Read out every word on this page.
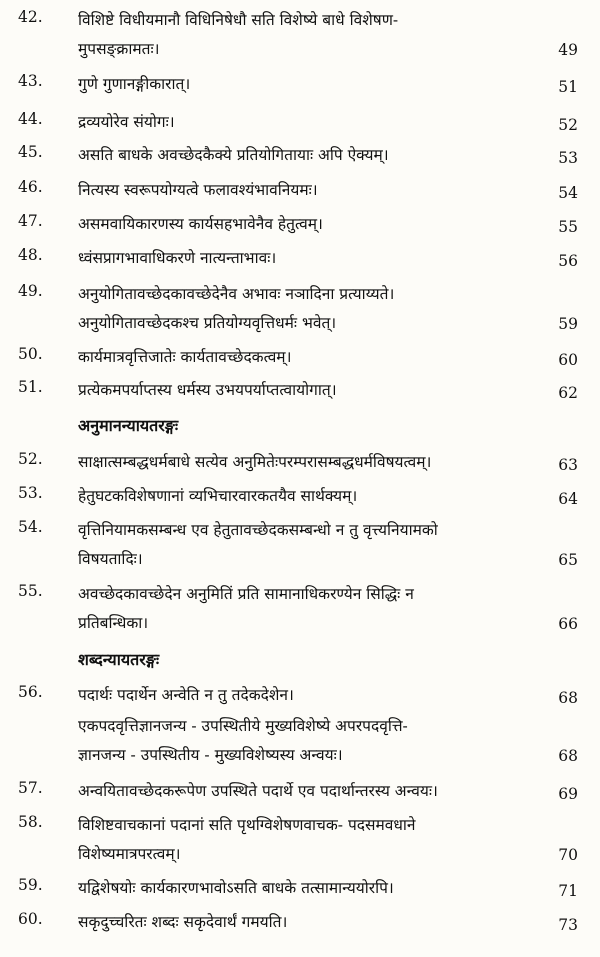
42. विशिष्टे विधीयमानौ विधिनिषेधौ सति विशेष्ये बाधे विशेषण-
मुपसङ्क्रामतः।	49
43. गुणे गुणानङ्गीकारात्।	51
44. द्रव्ययोरेव संयोगः।	52
45. असति बाधके अवच्छेदकैक्ये प्रतियोगितायाः अपि ऐक्यम्।	53
46. नित्यस्य स्वरूपयोग्यत्वे फलावश्यंभावनियमः।	54
47. असमवायिकारणस्य कार्यसहभावेनैव हेतुत्वम्।	55
48. ध्वंसप्रागभावाधिकरणे नात्यन्ताभावः।	56
49. अनुयोगितावच्छेदकावच्छेदेनैव अभावः नञादिना प्रत्याय्यते।
अनुयोगितावच्छेदकश्च प्रतियोग्यवृत्तिधर्मः भवेत्।	59
50. कार्यमात्रवृत्तिजातेः कार्यतावच्छेदकत्वम्।	60
51. प्रत्येकमपर्याप्तस्य धर्मस्य उभयपर्याप्तत्वायोगात्।	62
अनुमानन्यायतरङ्गः
52. साक्षात्सम्बद्धधर्मबाधे सत्येव अनुमितेःपरम्परासम्बद्धधर्मविषयत्वम्।	63
53. हेतुघटकविशेषणानां व्यभिचारवारकतयैव सार्थक्यम्।	64
54. वृत्तिनियामकसम्बन्ध एव हेतुतावच्छेदकसम्बन्धो न तु वृत्त्यनियामको
विषयतादिः।	65
55. अवच्छेदकावच्छेदेन अनुमितिं प्रति सामानाधिकरण्येन सिद्धिः न
प्रतिबन्धिका।	66
शब्दन्यायतरङ्गः
56. पदार्थः पदार्थेन अन्वेति न तु तदेकदेशेन।	68
एकपदवृत्तिज्ञानजन्य - उपस्थितीये मुख्यविशेष्ये अपरपदवृत्ति-
ज्ञानजन्य - उपस्थितीय - मुख्यविशेष्यस्य अन्वयः।	68
57. अन्वयितावच्छेदकरूपेण उपस्थिते पदार्थे एव पदार्थान्तरस्य अन्वयः।	69
58. विशिष्टवाचकानां पदानां सति पृथग्विशेषणवाचक- पदसमवधाने
विशेष्यमात्रपरत्वम्।	70
59. यद्विशेषयोः कार्यकारणभावोऽसति बाधके तत्सामान्ययोरपि।	71
60. सकृदुच्चरितः शब्दः सकृदेवार्थं गमयति।	73
